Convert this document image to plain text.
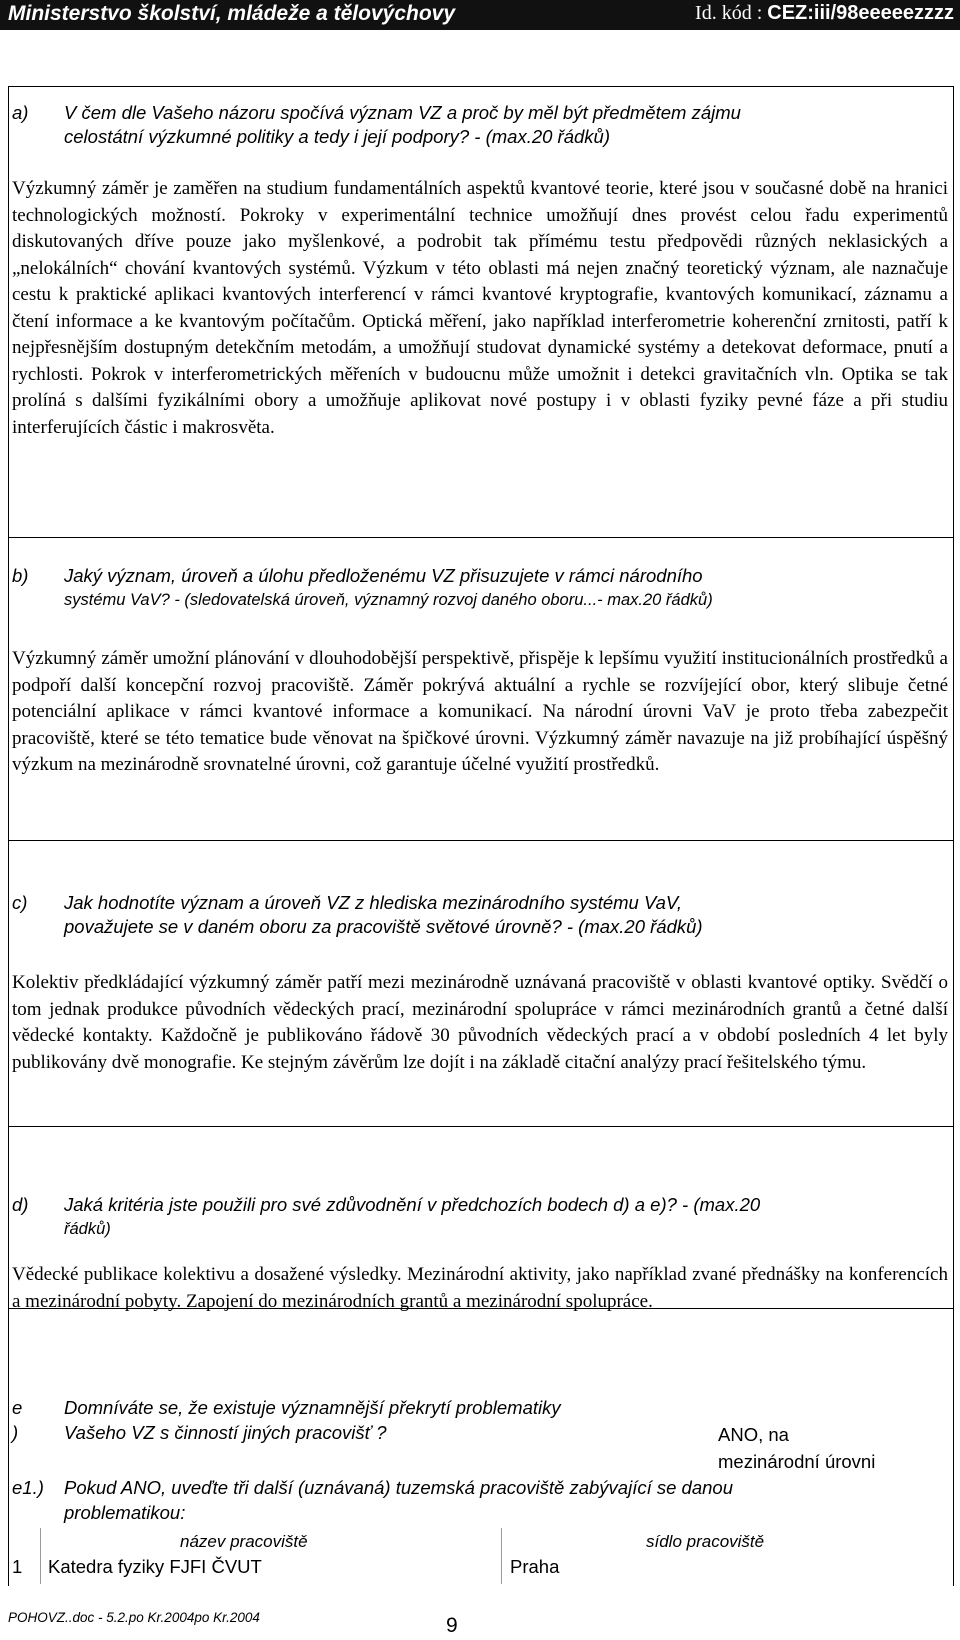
Ministerstvo školství, mládeže a tělovýchovy	Id. kód : CEZ:iii/98eeeeezzzz
a) V čem dle Vašeho názoru spočívá význam VZ a proč by měl být předmětem zájmu
celostátní výzkumné politiky a tedy i její podpory? - (max.20 řádků)
Výzkumný záměr je zaměřen na studium fundamentálních aspektů kvantové teorie, které jsou v současné době na hranici technologických možností. Pokroky v experimentální technice umožňují dnes provést celou řadu experimentů diskutovaných dříve pouze jako myšlenkové, a podrobit tak přímému testu předpovědi různých neklasických a „nelokálních“ chování kvantových systémů. Výzkum v této oblasti má nejen značný teoretický význam, ale naznačuje cestu k praktické aplikaci kvantových interferencí v rámci kvantové kryptografie, kvantových komunikací, záznamu a čtení informace a ke kvantovým počítačům. Optická měření, jako například interferometrie koherenční zrnitosti, patří k nejpřesnějším dostupným detekčním metodám, a umožňují studovat dynamické systémy a detekovat deformace, pnutí a rychlosti. Pokrok v interferometrických měřeních v budoucnu může umožnit i detekci gravitačních vln. Optika se tak prolíná s dalšími fyzikálními obory a umožňuje aplikovat nové postupy i v oblasti fyziky pevné fáze a při studiu interferujících částic i makrosvěta.
b) Jaký význam, úroveň a úlohu předloženému VZ přisuzujete v rámci národního
systému VaV? - (sledovatelská úroveň, významný rozvoj daného oboru...- max.20 řádků)
Výzkumný záměr umožní plánování v dlouhodobější perspektivě, přispěje k lepšímu využití institucionálních prostředků a podpoří další koncepční rozvoj pracoviště. Záměr pokrývá aktuální a rychle se rozvíjející obor, který slibuje četné potenciální aplikace v rámci kvantové informace a komunikací. Na národní úrovni VaV je proto třeba zabezpečit pracoviště, které se této tematice bude věnovat na špičkové úrovni. Výzkumný záměr navazuje na již probíhající úspěšný výzkum na mezinárodně srovnatelné úrovni, což garantuje účelné využití prostředků.
c) Jak hodnotíte význam a úroveň VZ z hlediska mezinárodního systému VaV,
považujete se v daném oboru za pracoviště světové úrovně? - (max.20 řádků)
Kolektiv předkládající výzkumný záměr patří mezi mezinárodně uznávaná pracoviště v oblasti kvantové optiky. Svědčí o tom jednak produkce původních vědeckých prací, mezinárodní spolupráce v rámci mezinárodních grantů a četné další vědecké kontakty. Každočně je publikováno řádově 30 původních vědeckých prací a v období posledních 4 let byly publikovány dvě monografie. Ke stejným závěrům lze dojít i na základě citační analýzy prací řešitelského týmu.
d) Jaká kritéria jste použili pro své zdůvodnění v předchozích bodech d) a e)? - (max.20
řádků)
Vědecké publikace kolektivu a dosažené výsledky. Mezinárodní aktivity, jako například zvané přednášky na konferencích a mezinárodní pobyty. Zapojení do mezinárodních grantů a mezinárodní spolupráce.
e
)
Domníváte se, že existuje významnější překrytí problematiky
Vašeho VZ s činností jiných pracovišť ?	ANO, na
mezinárodní úrovni
e1.) Pokud ANO, uveďte tři další (uznávaná) tuzemská pracoviště zabývající se danou
problematikou:
název pracoviště	sídlo pracoviště
1 Katedra fyziky FJFI ČVUT	Praha
POHOVZ..doc - 5.2.po Kr.2004po Kr.2004	9
